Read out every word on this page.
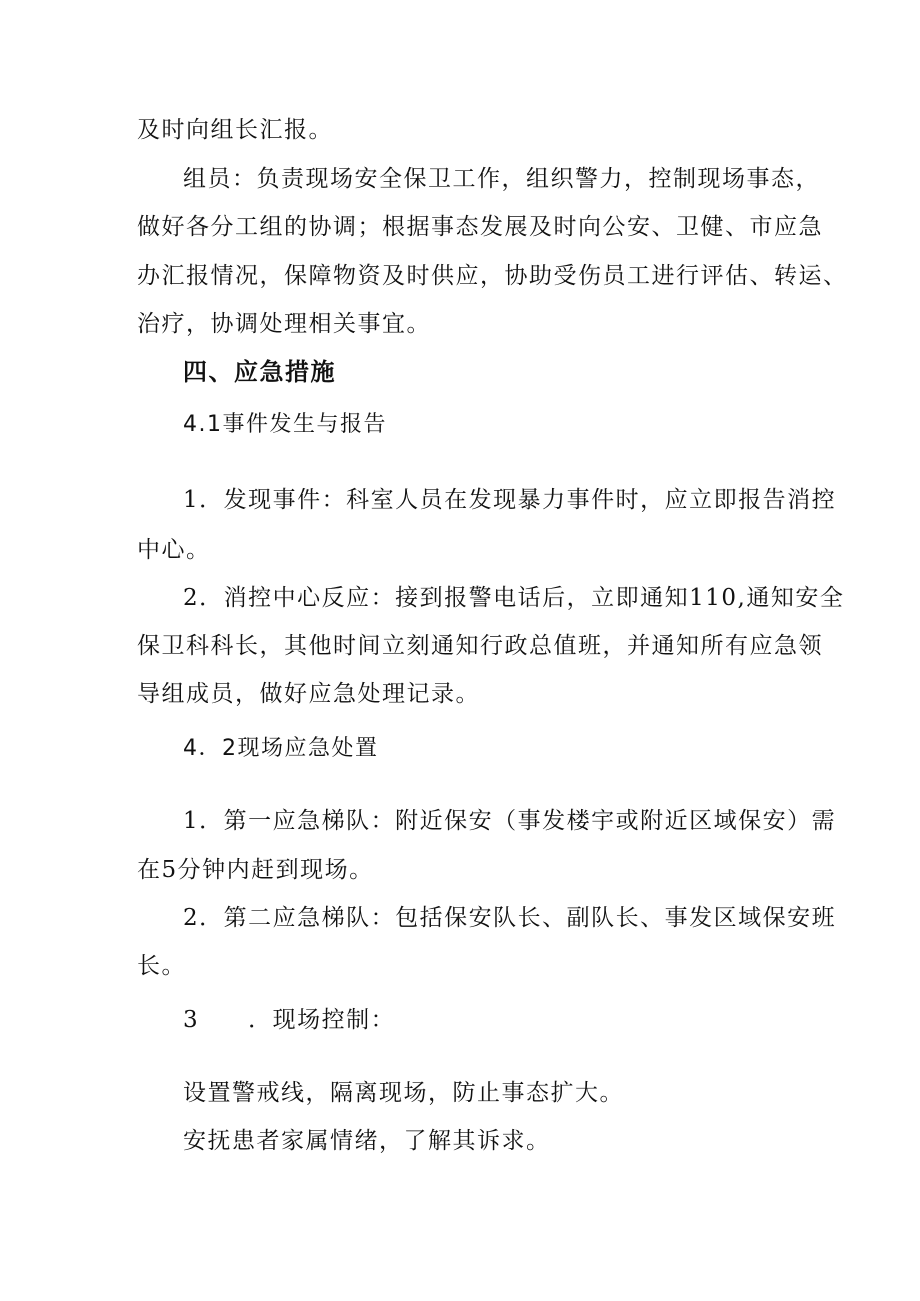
及时向组长汇报。
组员：负责现场安全保卫工作，组织警力，控制现场事态，
做好各分工组的协调；根据事态发展及时向公安、卫健、市应急
办汇报情况，保障物资及时供应，协助受伤员工进行评估、转运、
治疗，协调处理相关事宜。
四、应急措施
4.1事件发生与报告
1．发现事件：科室人员在发现暴力事件时，应立即报告消控
中心。
2．消控中心反应：接到报警电话后，立即通知110,通知安全
保卫科科长，其他时间立刻通知行政总值班，并通知所有应急领
导组成员，做好应急处理记录。
4．2现场应急处置
1．第一应急梯队：附近保安（事发楼宇或附近区域保安）需
在5分钟内赶到现场。
2．第二应急梯队：包括保安队长、副队长、事发区域保安班
长。
3　　．现场控制：
设置警戒线，隔离现场，防止事态扩大。
安抚患者家属情绪，了解其诉求。
